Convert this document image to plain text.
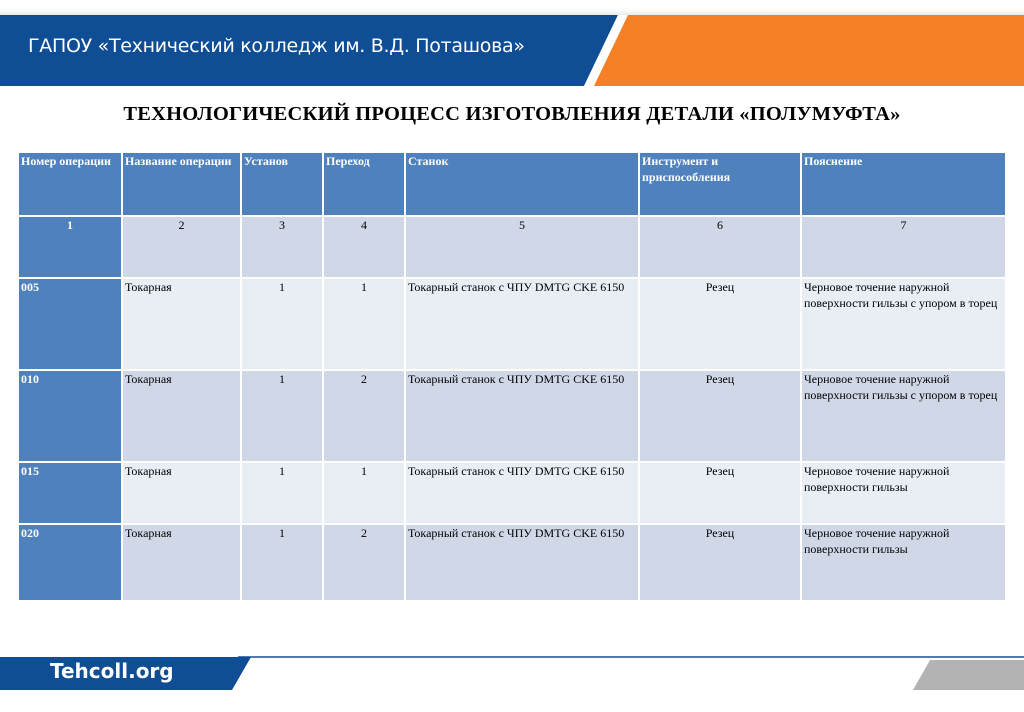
ГАПОУ «Технический колледж им. В.Д. Поташова»
ТЕХНОЛОГИЧЕСКИЙ ПРОЦЕСС ИЗГОТОВЛЕНИЯ ДЕТАЛИ «ПОЛУМУФТА»
Номер операции	Название операции	Установ	Переход	Станок	Инструмент и приспособления	Пояснение
1	2	3	4	5	6	7
005	Токарная	1	1	Токарный станок с ЧПУ DMTG CKE 6150	Резец	Черновое точение наружной поверхности гильзы с упором в торец
010	Токарная	1	2	Токарный станок с ЧПУ DMTG CKE 6150	Резец	Черновое точение наружной поверхности гильзы с упором в торец
015	Токарная	1	1	Токарный станок с ЧПУ DMTG CKE 6150	Резец	Черновое точение наружной поверхности гильзы
020	Токарная	1	2	Токарный станок с ЧПУ DMTG CKE 6150	Резец	Черновое точение наружной поверхности гильзы
Tehcoll.org
